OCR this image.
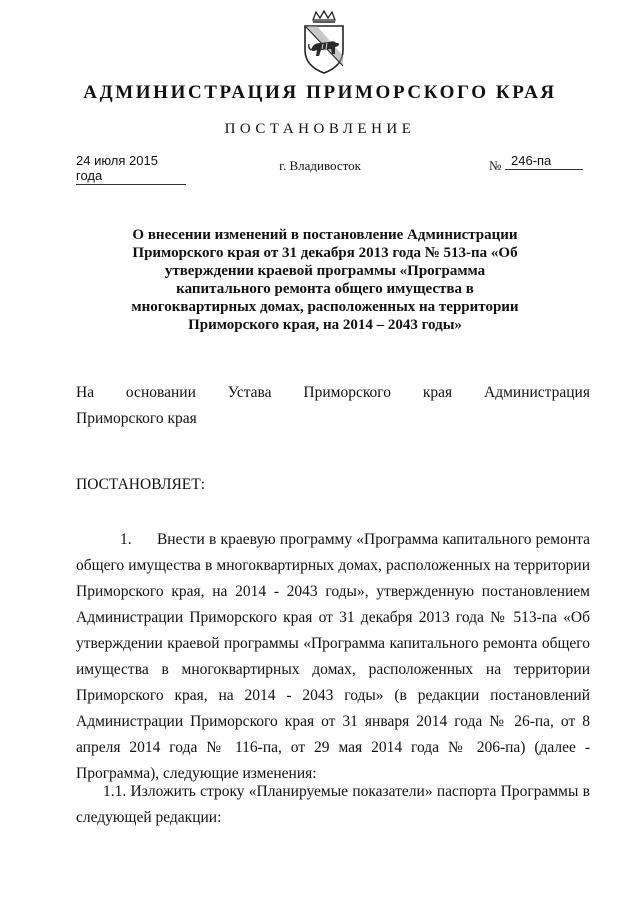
АДМИНИСТРАЦИЯ ПРИМОРСКОГО КРАЯ
ПОСТАНОВЛЕНИЕ
24 июля 2015 года
г. Владивосток	№ 246-па
О внесении изменений в постановление Администрации Приморского края от 31 декабря 2013 года № 513-па «Об утверждении краевой программы «Программа капитального ремонта общего имущества в многоквартирных домах, расположенных на территории Приморского края, на 2014 – 2043 годы»

На основании Устава Приморского края Администрация

Приморского края

ПОСТАНОВЛЯЕТ:

1.      Внести в краевую программу «Программа капитального ремонта общего имущества в многоквартирных домах, расположенных на территории Приморского края, на 2014 - 2043 годы», утвержденную постановлением Администрации Приморского края от 31 декабря 2013 года № 513-па «Об утверждении краевой программы «Программа капитального ремонта общего имущества в многоквартирных домах, расположенных на территории Приморского края, на 2014 - 2043 годы» (в редакции постановлений Администрации Приморского края от 31 января 2014 года № 26-па, от 8 апреля 2014 года № 116-па, от 29 мая 2014 года № 206-па) (далее - Программа), следующие изменения:

1.1. Изложить строку «Планируемые показатели» паспорта Программы в следующей редакции:
